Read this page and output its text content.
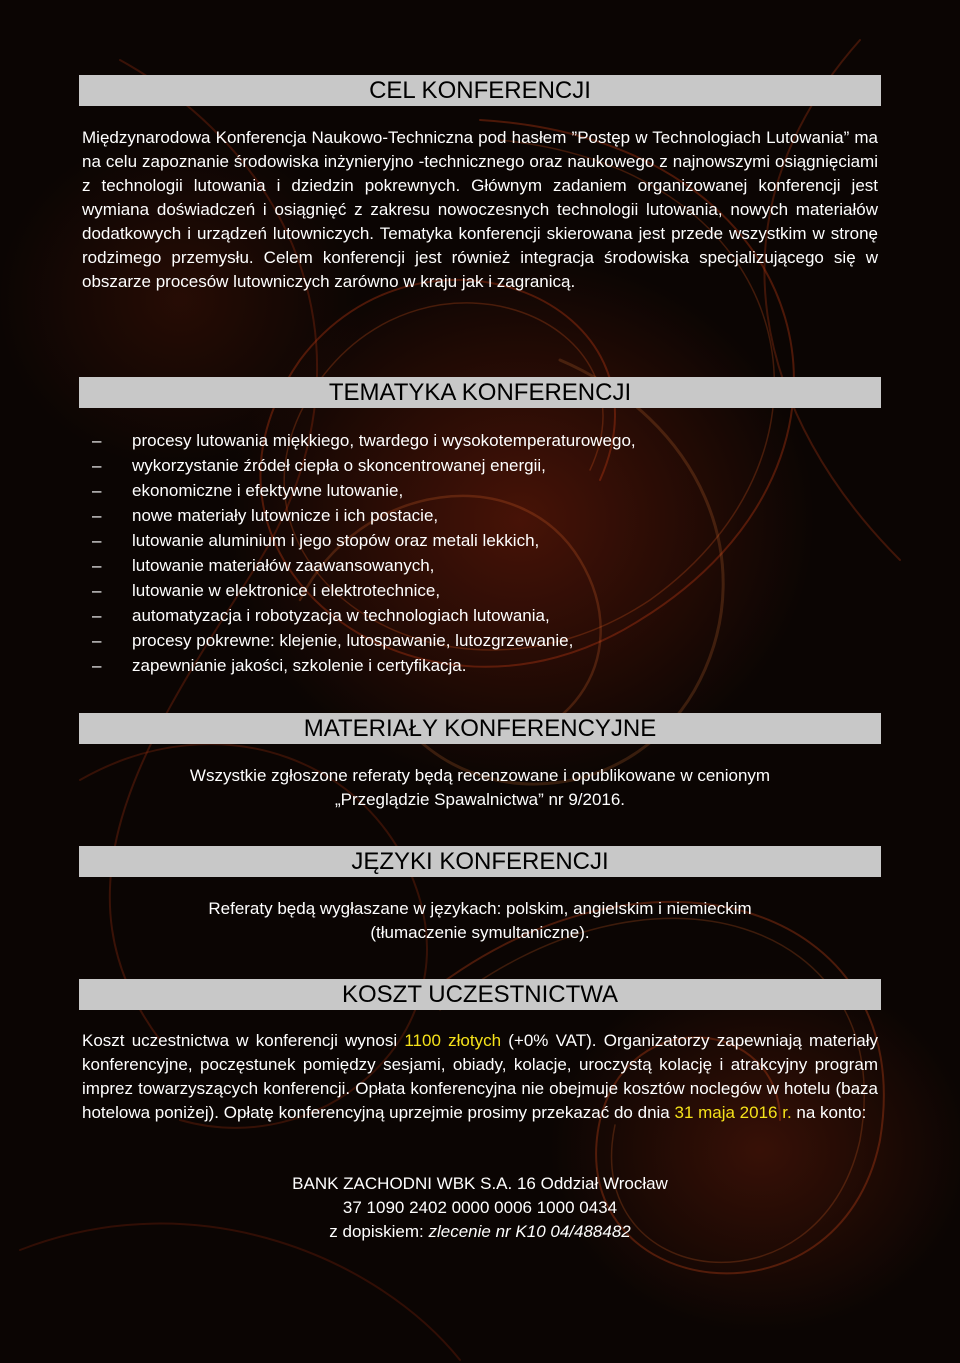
CEL KONFERENCJI

Międzynarodowa Konferencja Naukowo-Techniczna pod hasłem ”Postęp w Technologiach Lutowania” ma na celu zapoznanie środowiska inżynieryjno -technicznego oraz naukowego z najnowszymi osiągnięciami z technologii lutowania i dziedzin pokrewnych. Głównym zadaniem organizowanej konferencji jest wymiana doświadczeń i osiągnięć z zakresu nowoczesnych technologii lutowania, nowych materiałów dodatkowych i urządzeń lutowniczych. Tematyka konferencji skierowana jest przede wszystkim w stronę rodzimego przemysłu. Celem konferencji jest również integracja środowiska specjalizującego się w obszarze procesów lutowniczych zarówno w kraju jak i zagranicą.

TEMATYKA KONFERENCJI
– procesy lutowania miękkiego, twardego i wysokotemperaturowego,
– wykorzystanie źródeł ciepła o skoncentrowanej energii,
– ekonomiczne i efektywne lutowanie,
– nowe materiały lutownicze i ich postacie,
– lutowanie aluminium i jego stopów oraz metali lekkich,
– lutowanie materiałów zaawansowanych,
– lutowanie w elektronice i elektrotechnice,
– automatyzacja i robotyzacja w technologiach lutowania,
– procesy pokrewne: klejenie, lutospawanie, lutozgrzewanie,
– zapewnianie jakości, szkolenie i certyfikacja.
MATERIAŁY KONFERENCYJNE
Wszystkie zgłoszone referaty będą recenzowane i opublikowane w cenionym
„Przeglądzie Spawalnictwa” nr 9/2016.
JĘZYKI KONFERENCJI
Referaty będą wygłaszane w językach: polskim, angielskim i niemieckim
(tłumaczenie symultaniczne).
KOSZT UCZESTNICTWA

Koszt uczestnictwa w konferencji wynosi 1100 złotych (+0% VAT). Organizatorzy zapewniają materiały konferencyjne, poczęstunek pomiędzy sesjami, obiady, kolacje, uroczystą kolację i atrakcyjny program imprez towarzyszących konferencji. Opłata konferencyjna nie obejmuje kosztów noclegów w hotelu (baza hotelowa poniżej). Opłatę konferencyjną uprzejmie prosimy przekazać do dnia 31 maja 2016 r. na konto:

BANK ZACHODNI WBK S.A. 16 Oddział Wrocław
37 1090 2402 0000 0006 1000 0434
z dopiskiem: zlecenie nr K10 04/488482
